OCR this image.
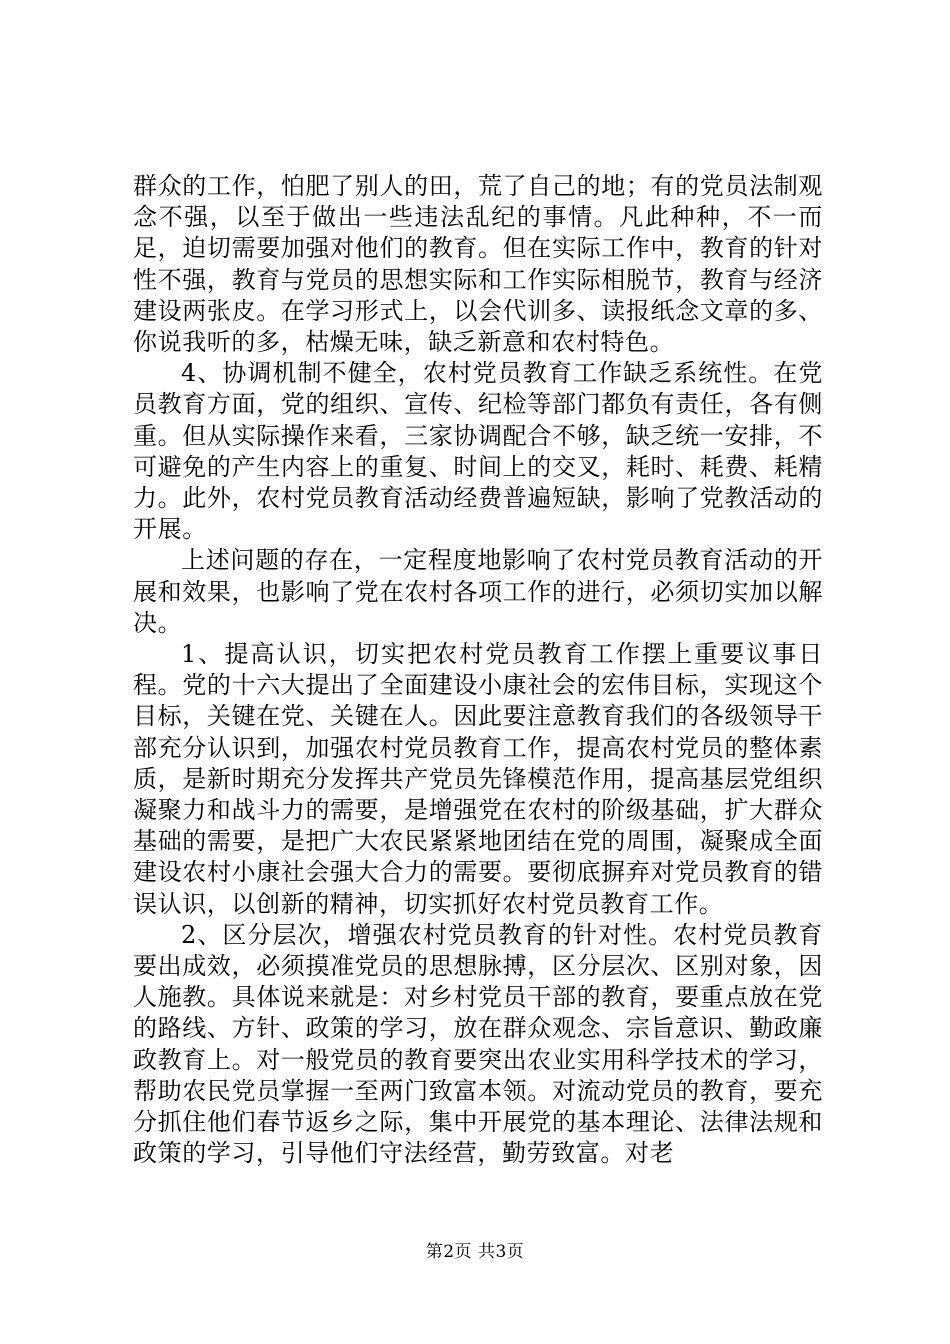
群众的工作，怕肥了别人的田，荒了自己的地；有的党员法制观念不强，以至于做出一些违法乱纪的事情。凡此种种，不一而足，迫切需要加强对他们的教育。但在实际工作中，教育的针对性不强，教育与党员的思想实际和工作实际相脱节，教育与经济建设两张皮。在学习形式上，以会代训多、读报纸念文章的多、你说我听的多，枯燥无味，缺乏新意和农村特色。

4、协调机制不健全，农村党员教育工作缺乏系统性。在党员教育方面，党的组织、宣传、纪检等部门都负有责任，各有侧重。但从实际操作来看，三家协调配合不够，缺乏统一安排，不可避免的产生内容上的重复、时间上的交叉，耗时、耗费、耗精力。此外，农村党员教育活动经费普遍短缺，影响了党教活动的开展。

上述问题的存在，一定程度地影响了农村党员教育活动的开展和效果，也影响了党在农村各项工作的进行，必须切实加以解决。

1、提高认识，切实把农村党员教育工作摆上重要议事日程。党的十六大提出了全面建设小康社会的宏伟目标，实现这个目标，关键在党、关键在人。因此要注意教育我们的各级领导干部充分认识到，加强农村党员教育工作，提高农村党员的整体素质，是新时期充分发挥共产党员先锋模范作用，提高基层党组织凝聚力和战斗力的需要，是增强党在农村的阶级基础，扩大群众基础的需要，是把广大农民紧紧地团结在党的周围，凝聚成全面建设农村小康社会强大合力的需要。要彻底摒弃对党员教育的错误认识，以创新的精神，切实抓好农村党员教育工作。

2、区分层次，增强农村党员教育的针对性。农村党员教育要出成效，必须摸准党员的思想脉搏，区分层次、区别对象，因人施教。具体说来就是：对乡村党员干部的教育，要重点放在党的路线、方针、政策的学习，放在群众观念、宗旨意识、勤政廉政教育上。对一般党员的教育要突出农业实用科学技术的学习，帮助农民党员掌握一至两门致富本领。对流动党员的教育，要充分抓住他们春节返乡之际，集中开展党的基本理论、法律法规和政策的学习，引导他们守法经营，勤劳致富。对老

第2页 共3页
